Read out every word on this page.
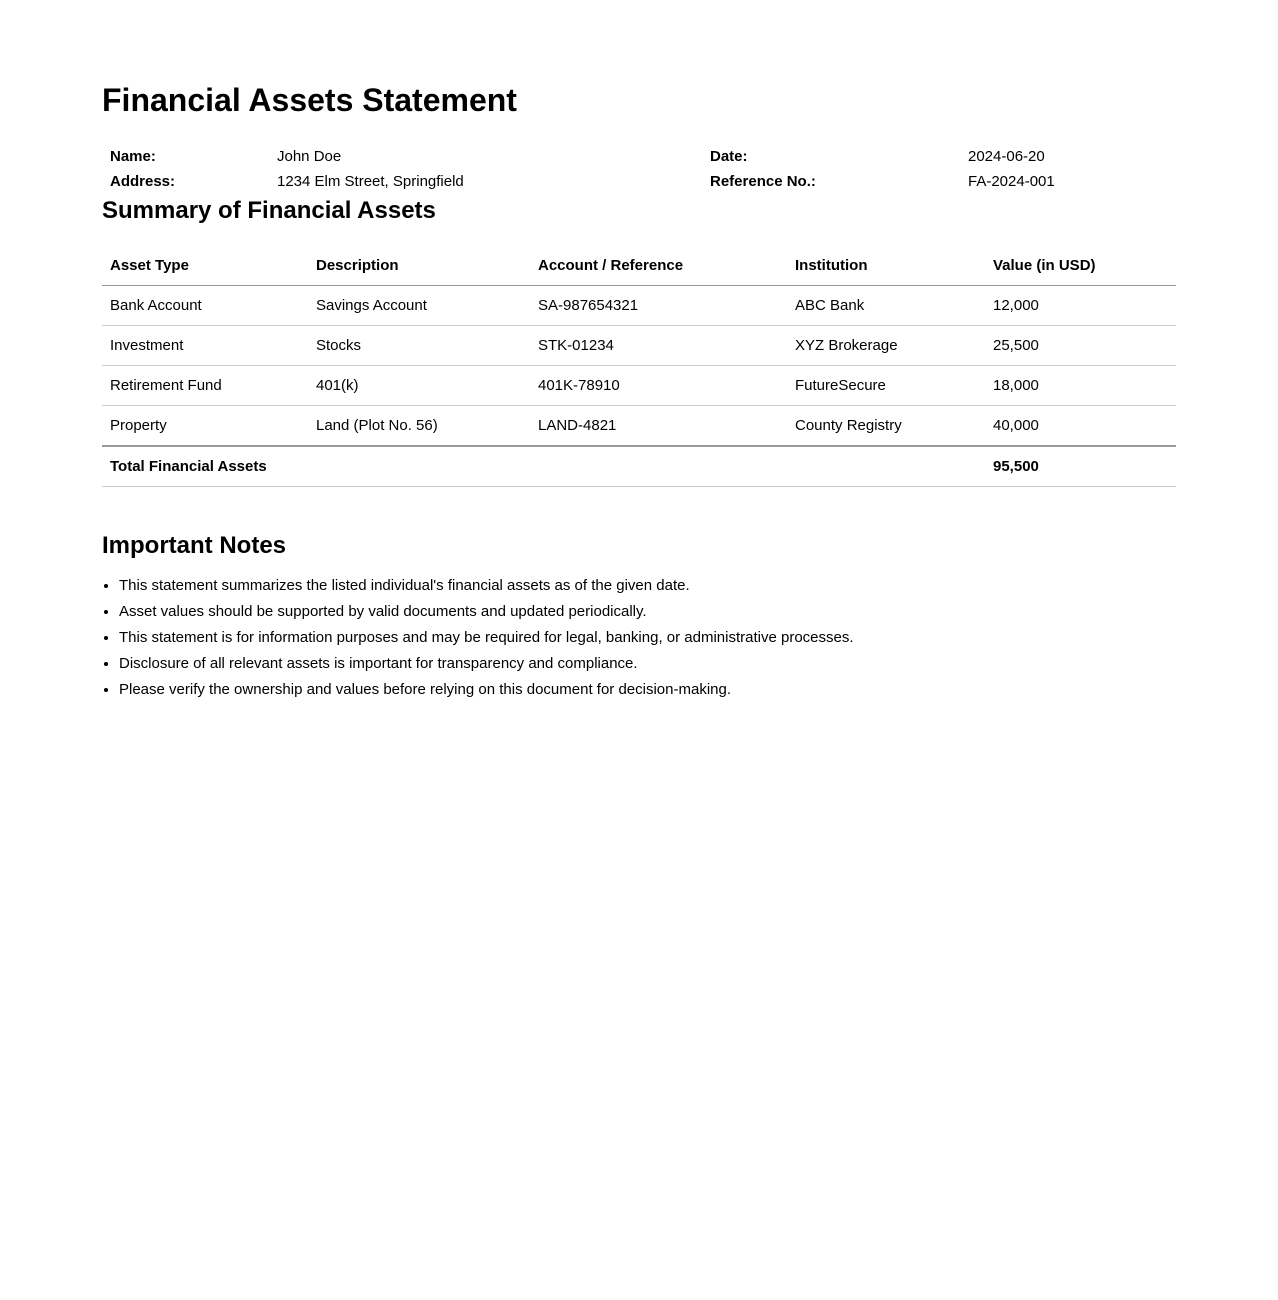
Financial Assets Statement
Name:	John Doe	Date:	2024-06-20
Address:	1234 Elm Street, Springfield	Reference No.:	FA-2024-001
Summary of Financial Assets
Asset Type	Description	Account / Reference	Institution	Value (in USD)
Bank Account	Savings Account	SA-987654321	ABC Bank	12,000
Investment	Stocks	STK-01234	XYZ Brokerage	25,500
Retirement Fund	401(k)	401K-78910	FutureSecure	18,000
Property	Land (Plot No. 56)	LAND-4821	County Registry	40,000
Total Financial Assets				95,500
Important Notes
• This statement summarizes the listed individual's financial assets as of the given date.
• Asset values should be supported by valid documents and updated periodically.
• This statement is for information purposes and may be required for legal, banking, or administrative processes.
• Disclosure of all relevant assets is important for transparency and compliance.
• Please verify the ownership and values before relying on this document for decision-making.
